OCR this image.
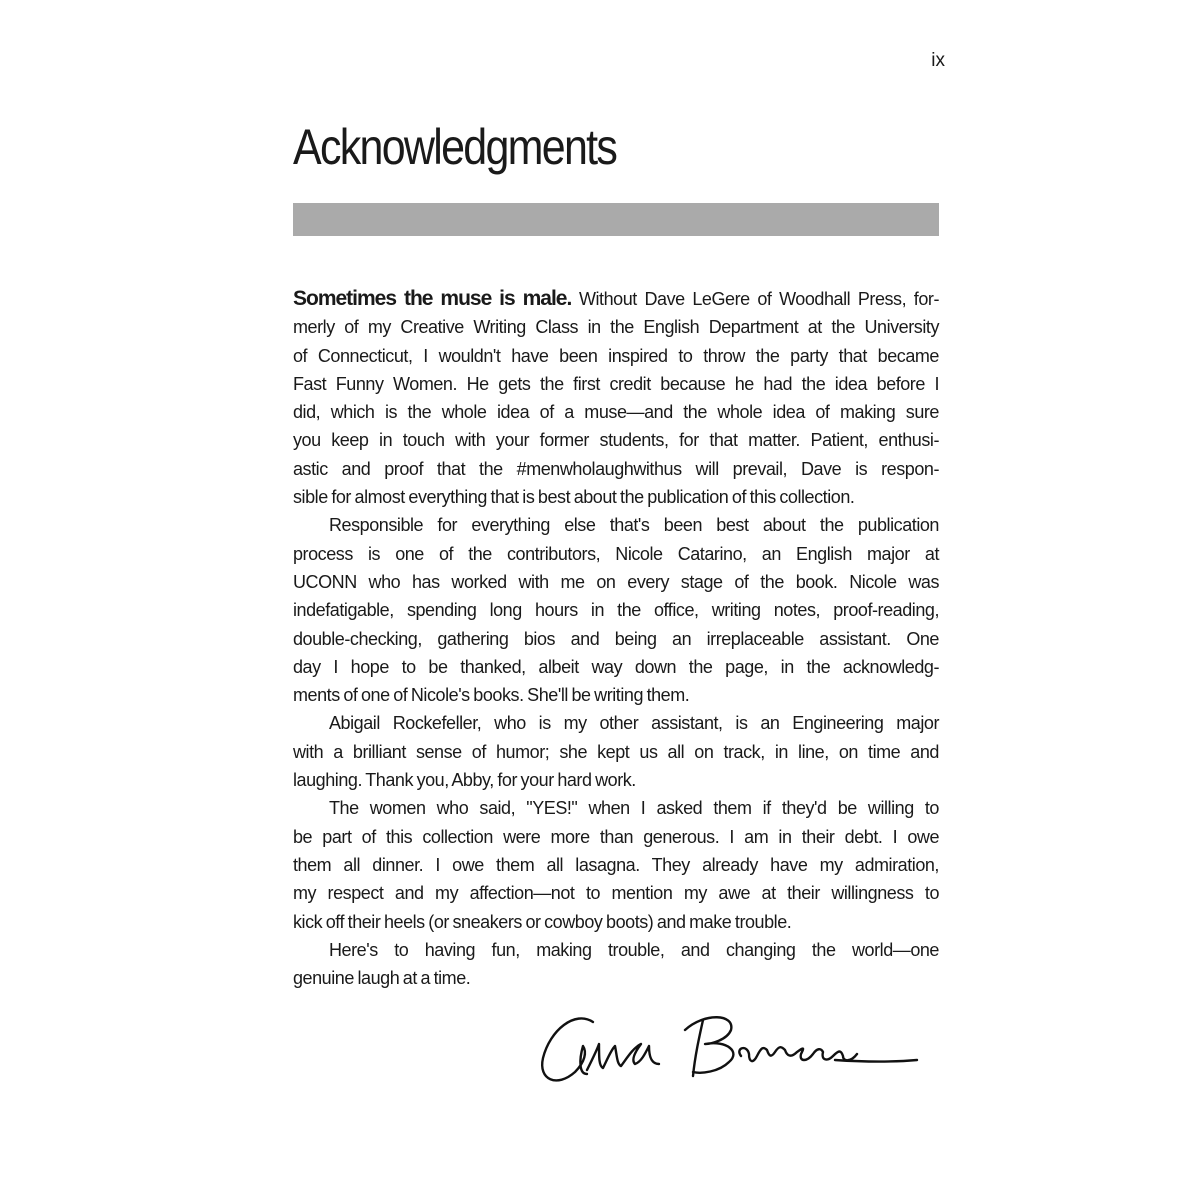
ix
Acknowledgments
Sometimes the muse is male. Without Dave LeGere of Woodhall Press, for-
merly of my Creative Writing Class in the English Department at the University
of Connecticut, I wouldn't have been inspired to throw the party that became
Fast Funny Women. He gets the first credit because he had the idea before I
did, which is the whole idea of a muse—and the whole idea of making sure
you keep in touch with your former students, for that matter. Patient, enthusi-
astic and proof that the #menwholaughwithus will prevail, Dave is respon-
sible for almost everything that is best about the publication of this collection.
Responsible for everything else that's been best about the publication
process is one of the contributors, Nicole Catarino, an English major at
UCONN who has worked with me on every stage of the book. Nicole was
indefatigable, spending long hours in the office, writing notes, proof-reading,
double-checking, gathering bios and being an irreplaceable assistant. One
day I hope to be thanked, albeit way down the page, in the acknowledg-
ments of one of Nicole's books. She'll be writing them.
Abigail Rockefeller, who is my other assistant, is an Engineering major
with a brilliant sense of humor; she kept us all on track, in line, on time and
laughing. Thank you, Abby, for your hard work.
The women who said, "YES!" when I asked them if they'd be willing to
be part of this collection were more than generous. I am in their debt. I owe
them all dinner. I owe them all lasagna. They already have my admiration,
my respect and my affection—not to mention my awe at their willingness to
kick off their heels (or sneakers or cowboy boots) and make trouble.
Here's to having fun, making trouble, and changing the world—one
genuine laugh at a time.
